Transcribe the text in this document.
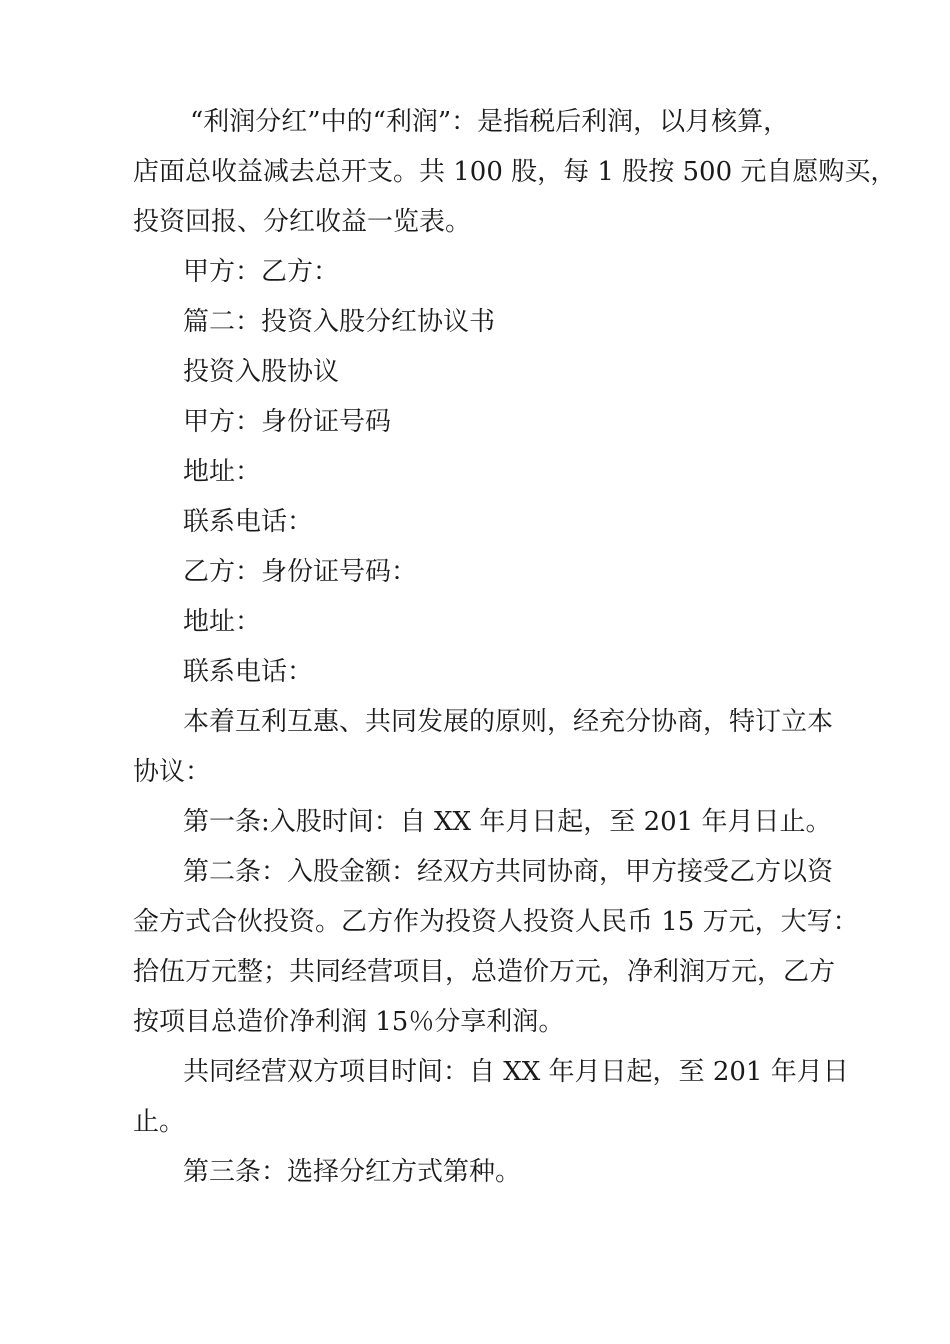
“利润分红”中的“利润”：是指税后利润，以月核算，
店面总收益减去总开支。共 100 股，每 1 股按 500 元自愿购买，
投资回报、分红收益一览表。
甲方：乙方：
篇二：投资入股分红协议书
投资入股协议
甲方：身份证号码
地址：
联系电话：
乙方：身份证号码：
地址：
联系电话：
本着互利互惠、共同发展的原则，经充分协商，特订立本
协议：
第一条:入股时间：自 XX 年月日起，至 201 年月日止。
第二条：入股金额：经双方共同协商，甲方接受乙方以资
金方式合伙投资。乙方作为投资人投资人民币 15 万元，大写：
拾伍万元整；共同经营项目，总造价万元，净利润万元，乙方
按项目总造价净利润 15％分享利润。
共同经营双方项目时间：自 XX 年月日起，至 201 年月日
止。
第三条：选择分红方式第种。
